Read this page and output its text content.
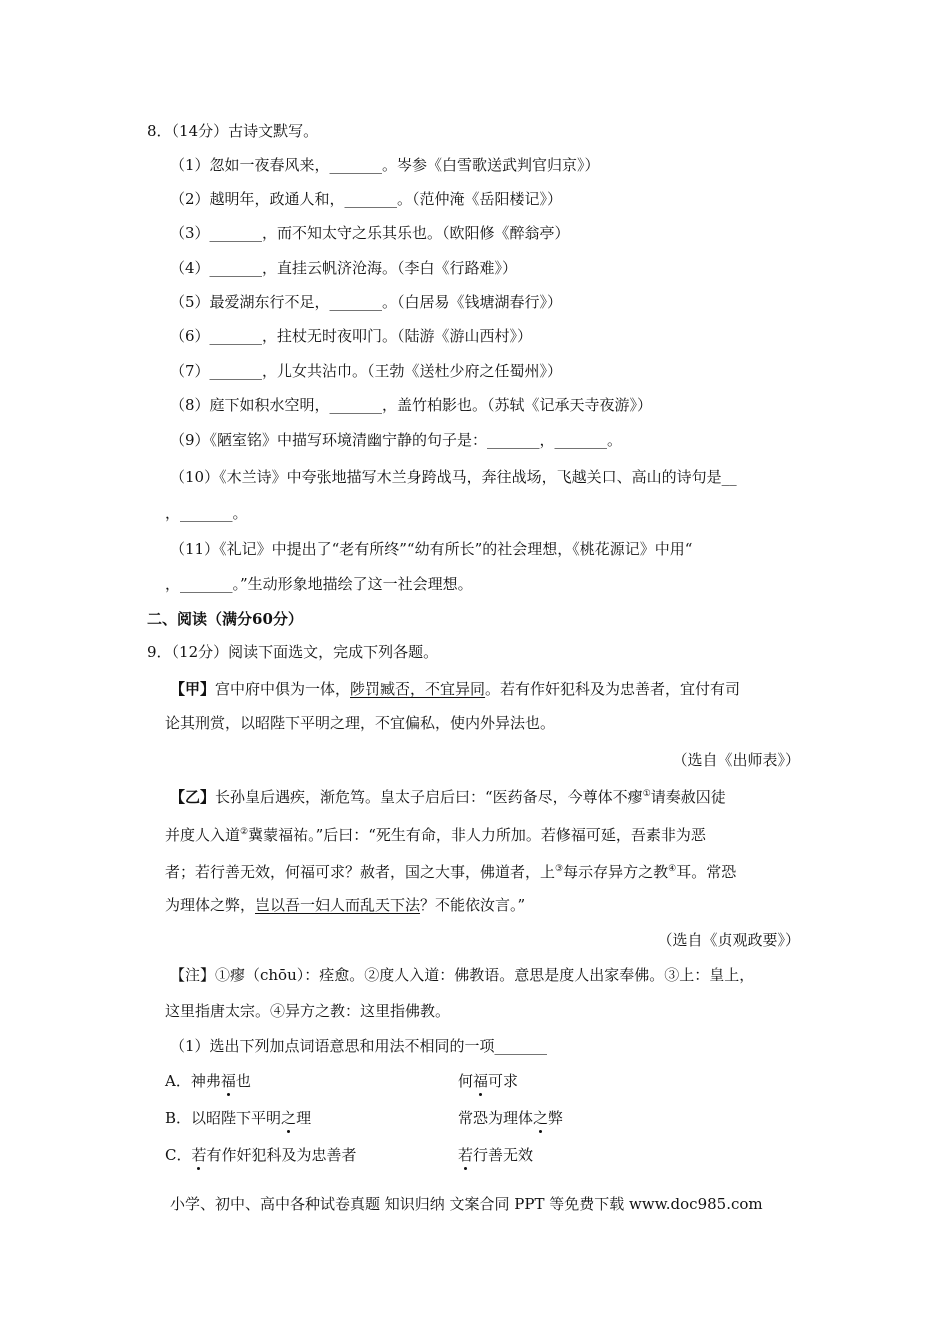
8．（14分）古诗文默写。
（1）忽如一夜春风来，_______。岑参《白雪歌送武判官归京》）
（2）越明年，政通人和，_______。（范仲淹《岳阳楼记》）
（3）_______，而不知太守之乐其乐也。（欧阳修《醉翁亭）
（4）_______，直挂云帆济沧海。（李白《行路难》）
（5）最爱湖东行不足，_______。（白居易《钱塘湖春行》）
（6）_______，拄杖无时夜叩门。（陆游《游山西村》）
（7）_______，儿女共沾巾。（王勃《送杜少府之任蜀州》）
（8）庭下如积水空明，_______，盖竹柏影也。（苏轼《记承天寺夜游》）
（9）《陋室铭》中描写环境清幽宁静的句子是：_______，_______。
（10）《木兰诗》中夸张地描写木兰身跨战马，奔往战场，飞越关口、高山的诗句是__
，_______。
（11）《礼记》中提出了“老有所终”“幼有所长”的社会理想，《桃花源记》中用“
，_______。”生动形象地描绘了这一社会理想。
二、阅读（满分60分）
9．（12分）阅读下面选文，完成下列各题。
【甲】宫中府中俱为一体，陟罚臧否，不宜异同。若有作奸犯科及为忠善者，宜付有司
论其刑赏，以昭陛下平明之理，不宜偏私，使内外异法也。
（选自《出师表》）
【乙】长孙皇后遇疾，渐危笃。皇太子启后曰：“医药备尽，今尊体不瘳①请奏赦囚徒
并度人入道②冀蒙福祐。”后曰：“死生有命，非人力所加。若修福可延，吾素非为恶
者；若行善无效，何福可求？赦者，国之大事，佛道者，上③每示存异方之教④耳。常恐
为理体之弊，岂以吾一妇人而乱天下法？不能依汝言。”
（选自《贞观政要》）
【注】①瘳（chōu）：痊愈。②度人入道：佛教语。意思是度人出家奉佛。③上：皇上，
这里指唐太宗。④异方之教：这里指佛教。
（1）选出下列加点词语意思和用法不相同的一项_______
A．神弗福也	何福可求
B．以昭陛下平明之理	常恐为理体之弊
C．若有作奸犯科及为忠善者	若行善无效
小学、初中、高中各种试卷真题 知识归纳 文案合同 PPT 等免费下载 www.doc985.com
